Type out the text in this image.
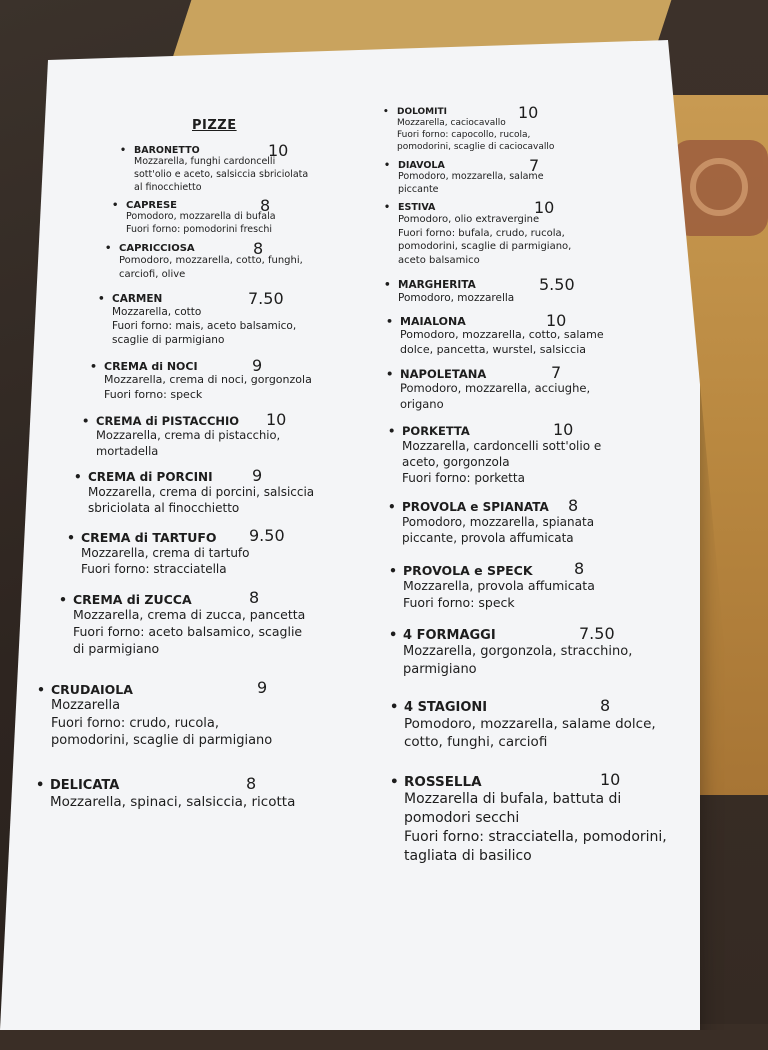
PIZZE
• BARONETTO	10
Mozzarella, funghi cardoncelli
sott'olio e aceto, salsiccia sbriciolata
al finocchietto
• CAPRESE	8
Pomodoro, mozzarella di bufala
Fuori forno: pomodorini freschi
• CAPRICCIOSA	8
Pomodoro, mozzarella, cotto, funghi,
carciofi, olive
• CARMEN	7.50
Mozzarella, cotto
Fuori forno: mais, aceto balsamico,
scaglie di parmigiano
• CREMA di NOCI	9
Mozzarella, crema di noci, gorgonzola
Fuori forno: speck
• CREMA di PISTACCHIO 10
Mozzarella, crema di pistacchio,
mortadella
• CREMA di PORCINI 9
Mozzarella, crema di porcini, salsiccia
sbriciolata al finocchietto
• CREMA di TARTUFO 9.50
Mozzarella, crema di tartufo
Fuori forno: stracciatella
• CREMA di ZUCCA	8
Mozzarella, crema di zucca, pancetta
Fuori forno: aceto balsamico, scaglie
di parmigiano
• CRUDAIOLA	9
Mozzarella
Fuori forno: crudo, rucola,
pomodorini, scaglie di parmigiano
• DELICATA	8
Mozzarella, spinaci, salsiccia, ricotta
• DOLOMITI	10
Mozzarella, caciocavallo
Fuori forno: capocollo, rucola,
pomodorini, scaglie di caciocavallo
• DIAVOLA	7
Pomodoro, mozzarella, salame
piccante
• ESTIVA	10
Pomodoro, olio extravergine
Fuori forno: bufala, crudo, rucola,
pomodorini, scaglie di parmigiano,
aceto balsamico
• MARGHERITA	5.50
Pomodoro, mozzarella
• MAIALONA	10
Pomodoro, mozzarella, cotto, salame
dolce, pancetta, wurstel, salsiccia
• NAPOLETANA	7
Pomodoro, mozzarella, acciughe,
origano
• PORKETTA	10
Mozzarella, cardoncelli sott'olio e
aceto, gorgonzola
Fuori forno: porketta
• PROVOLA e SPIANATA 8
Pomodoro, mozzarella, spianata
piccante, provola affumicata
• PROVOLA e SPECK	8
Mozzarella, provola affumicata
Fuori forno: speck
• 4 FORMAGGI	7.50
Mozzarella, gorgonzola, stracchino,
parmigiano
• 4 STAGIONI	8
Pomodoro, mozzarella, salame dolce,
cotto, funghi, carciofi
• ROSSELLA	10
Mozzarella di bufala, battuta di
pomodori secchi
Fuori forno: stracciatella, pomodorini,
tagliata di basilico
